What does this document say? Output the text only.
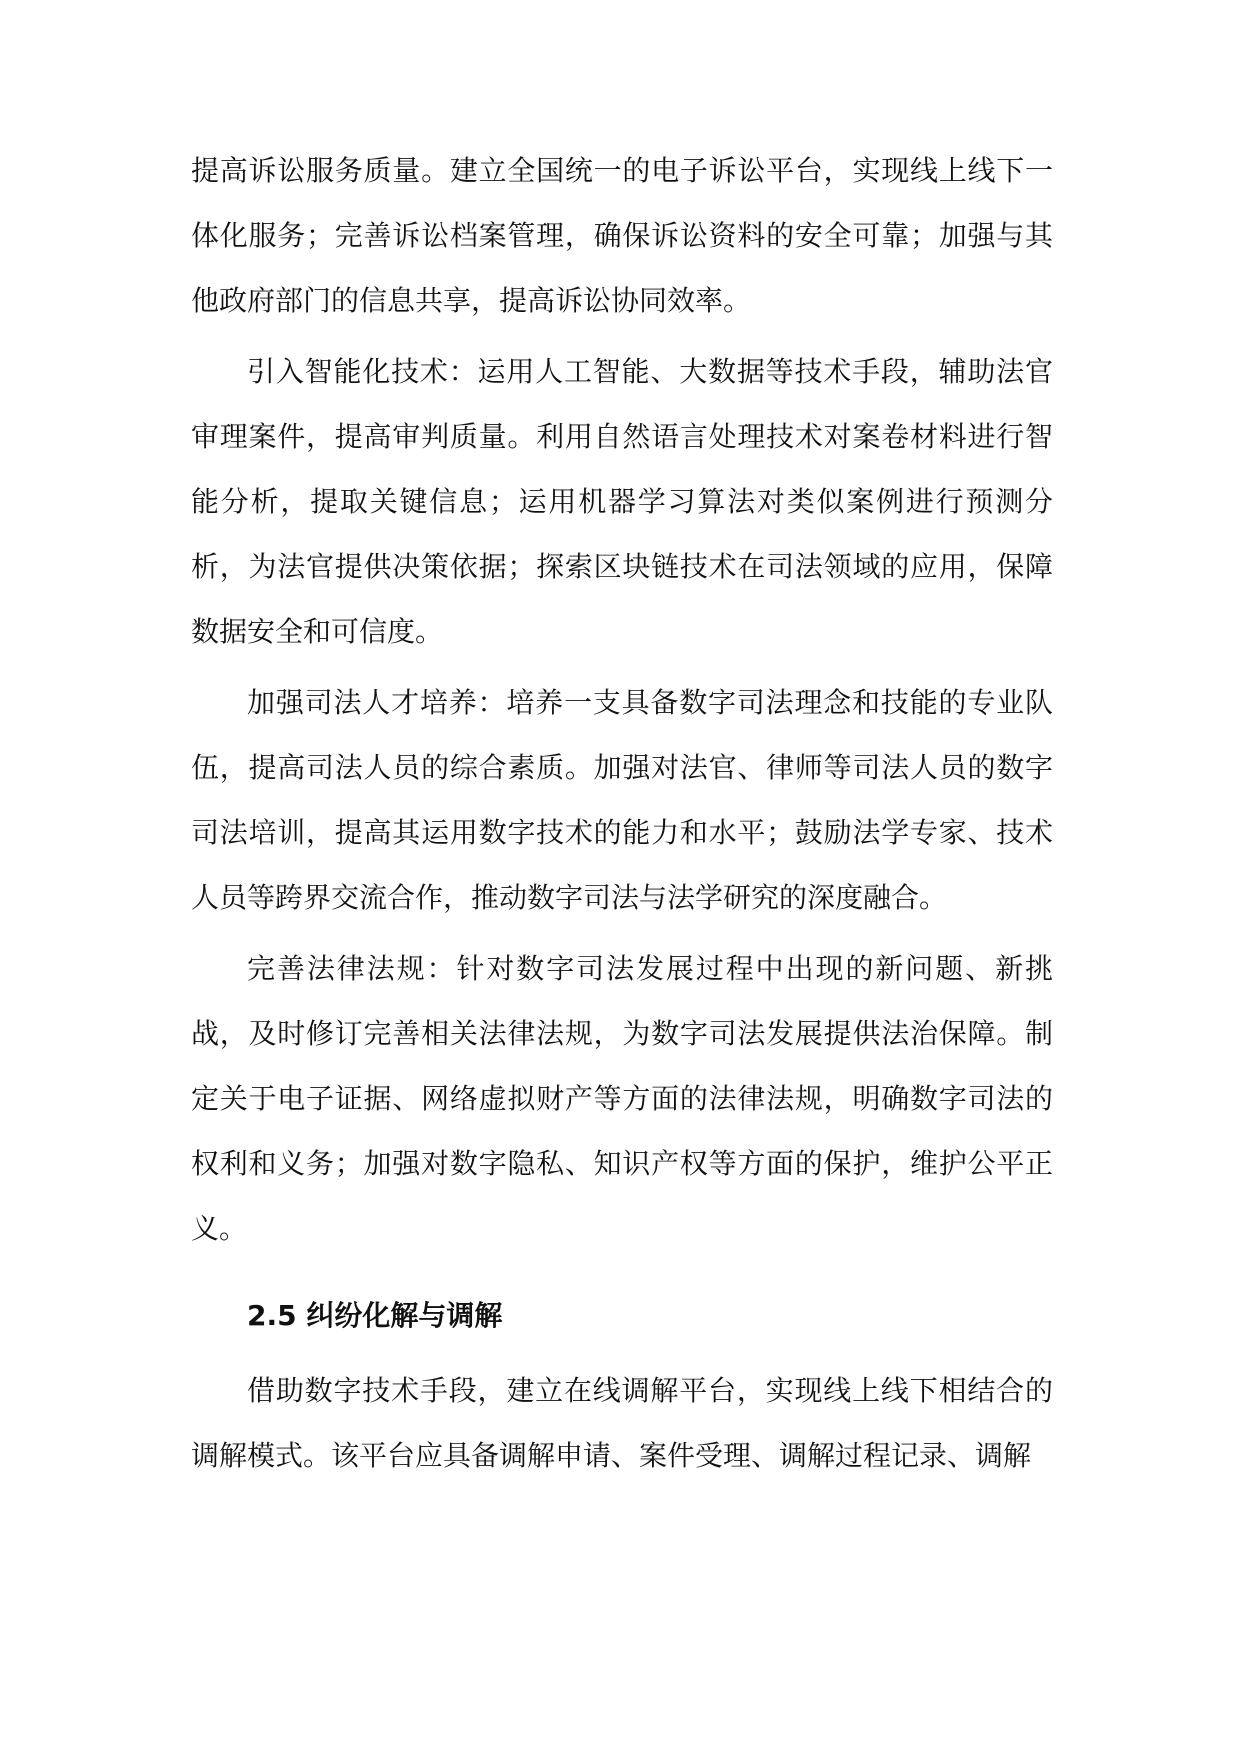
提高诉讼服务质量。建立全国统一的电子诉讼平台，实现线上线下一体化服务；完善诉讼档案管理，确保诉讼资料的安全可靠；加强与其他政府部门的信息共享，提高诉讼协同效率。

引入智能化技术：运用人工智能、大数据等技术手段，辅助法官审理案件，提高审判质量。利用自然语言处理技术对案卷材料进行智能分析，提取关键信息；运用机器学习算法对类似案例进行预测分析，为法官提供决策依据；探索区块链技术在司法领域的应用，保障数据安全和可信度。

加强司法人才培养：培养一支具备数字司法理念和技能的专业队伍，提高司法人员的综合素质。加强对法官、律师等司法人员的数字司法培训，提高其运用数字技术的能力和水平；鼓励法学专家、技术人员等跨界交流合作，推动数字司法与法学研究的深度融合。

完善法律法规：针对数字司法发展过程中出现的新问题、新挑战，及时修订完善相关法律法规，为数字司法发展提供法治保障。制定关于电子证据、网络虚拟财产等方面的法律法规，明确数字司法的权利和义务；加强对数字隐私、知识产权等方面的保护，维护公平正义。

2.5 纠纷化解与调解

借助数字技术手段，建立在线调解平台，实现线上线下相结合的调解模式。该平台应具备调解申请、案件受理、调解过程记录、调解
